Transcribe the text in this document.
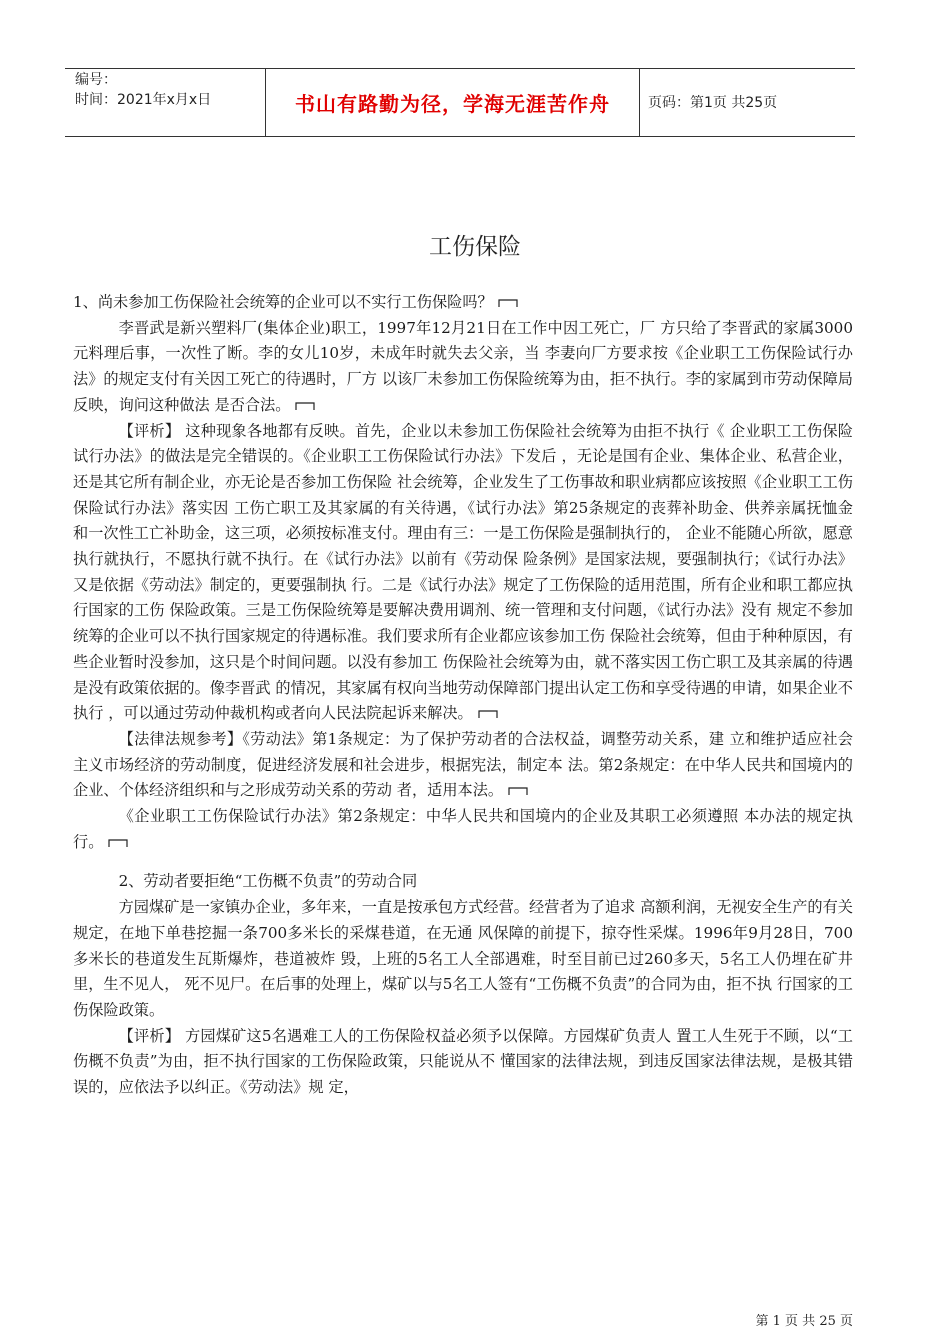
编号：
时间：2021年x月x日	书山有路勤为径，学海无涯苦作舟	页码：第1页 共25页
工伤保险

1、尚未参加工伤保险社会统筹的企业可以不实行工伤保险吗？

李晋武是新兴塑料厂(集体企业)职工，1997年12月21日在工作中因工死亡，厂 方只给了李晋武的家属3000元料理后事，一次性了断。李的女儿10岁，未成年时就失去父亲，当 李妻向厂方要求按《企业职工工伤保险试行办法》的规定支付有关因工死亡的待遇时，厂方 以该厂未参加工伤保险统筹为由，拒不执行。李的家属到市劳动保障局反映，询问这种做法 是否合法。

【评析】 这种现象各地都有反映。首先，企业以未参加工伤保险社会统筹为由拒不执行《 企业职工工伤保险试行办法》的做法是完全错误的。《企业职工工伤保险试行办法》下发后 ，无论是国有企业、集体企业、私营企业，还是其它所有制企业，亦无论是否参加工伤保险 社会统筹，企业发生了工伤事故和职业病都应该按照《企业职工工伤保险试行办法》落实因 工伤亡职工及其家属的有关待遇，《试行办法》第25条规定的丧葬补助金、供养亲属抚恤金 和一次性工亡补助金，这三项，必须按标准支付。理由有三：一是工伤保险是强制执行的， 企业不能随心所欲，愿意执行就执行，不愿执行就不执行。在《试行办法》以前有《劳动保 险条例》是国家法规，要强制执行；《试行办法》又是依据《劳动法》制定的，更要强制执 行。二是《试行办法》规定了工伤保险的适用范围，所有企业和职工都应执行国家的工伤 保险政策。三是工伤保险统筹是要解决费用调剂、统一管理和支付问题，《试行办法》没有 规定不参加统筹的企业可以不执行国家规定的待遇标准。我们要求所有企业都应该参加工伤 保险社会统筹，但由于种种原因，有些企业暂时没参加，这只是个时间问题。以没有参加工 伤保险社会统筹为由，就不落实因工伤亡职工及其亲属的待遇是没有政策依据的。像李晋武 的情况，其家属有权向当地劳动保障部门提出认定工伤和享受待遇的申请，如果企业不执行 ，可以通过劳动仲裁机构或者向人民法院起诉来解决。

【法律法规参考】《劳动法》第1条规定：为了保护劳动者的合法权益，调整劳动关系，建 立和维护适应社会主义市场经济的劳动制度，促进经济发展和社会进步，根据宪法，制定本 法。第2条规定：在中华人民共和国境内的企业、个体经济组织和与之形成劳动关系的劳动 者，适用本法。

《企业职工工伤保险试行办法》第2条规定：中华人民共和国境内的企业及其职工必须遵照 本办法的规定执行。

2、劳动者要拒绝“工伤概不负责”的劳动合同

方园煤矿是一家镇办企业，多年来，一直是按承包方式经营。经营者为了追求 高额利润，无视安全生产的有关规定，在地下单巷挖掘一条700多米长的采煤巷道，在无通 风保障的前提下，掠夺性采煤。1996年9月28日，700多米长的巷道发生瓦斯爆炸，巷道被炸 毁，上班的5名工人全部遇难，时至目前已过260多天，5名工人仍埋在矿井里，生不见人， 死不见尸。在后事的处理上，煤矿以与5名工人签有“工伤概不负责”的合同为由，拒不执 行国家的工伤保险政策。

【评析】 方园煤矿这5名遇难工人的工伤保险权益必须予以保障。方园煤矿负责人 置工人生死于不顾，以“工伤概不负责”为由，拒不执行国家的工伤保险政策，只能说从不 懂国家的法律法规，到违反国家法律法规，是极其错误的，应依法予以纠正。《劳动法》规 定，

第 1 页 共 25 页
